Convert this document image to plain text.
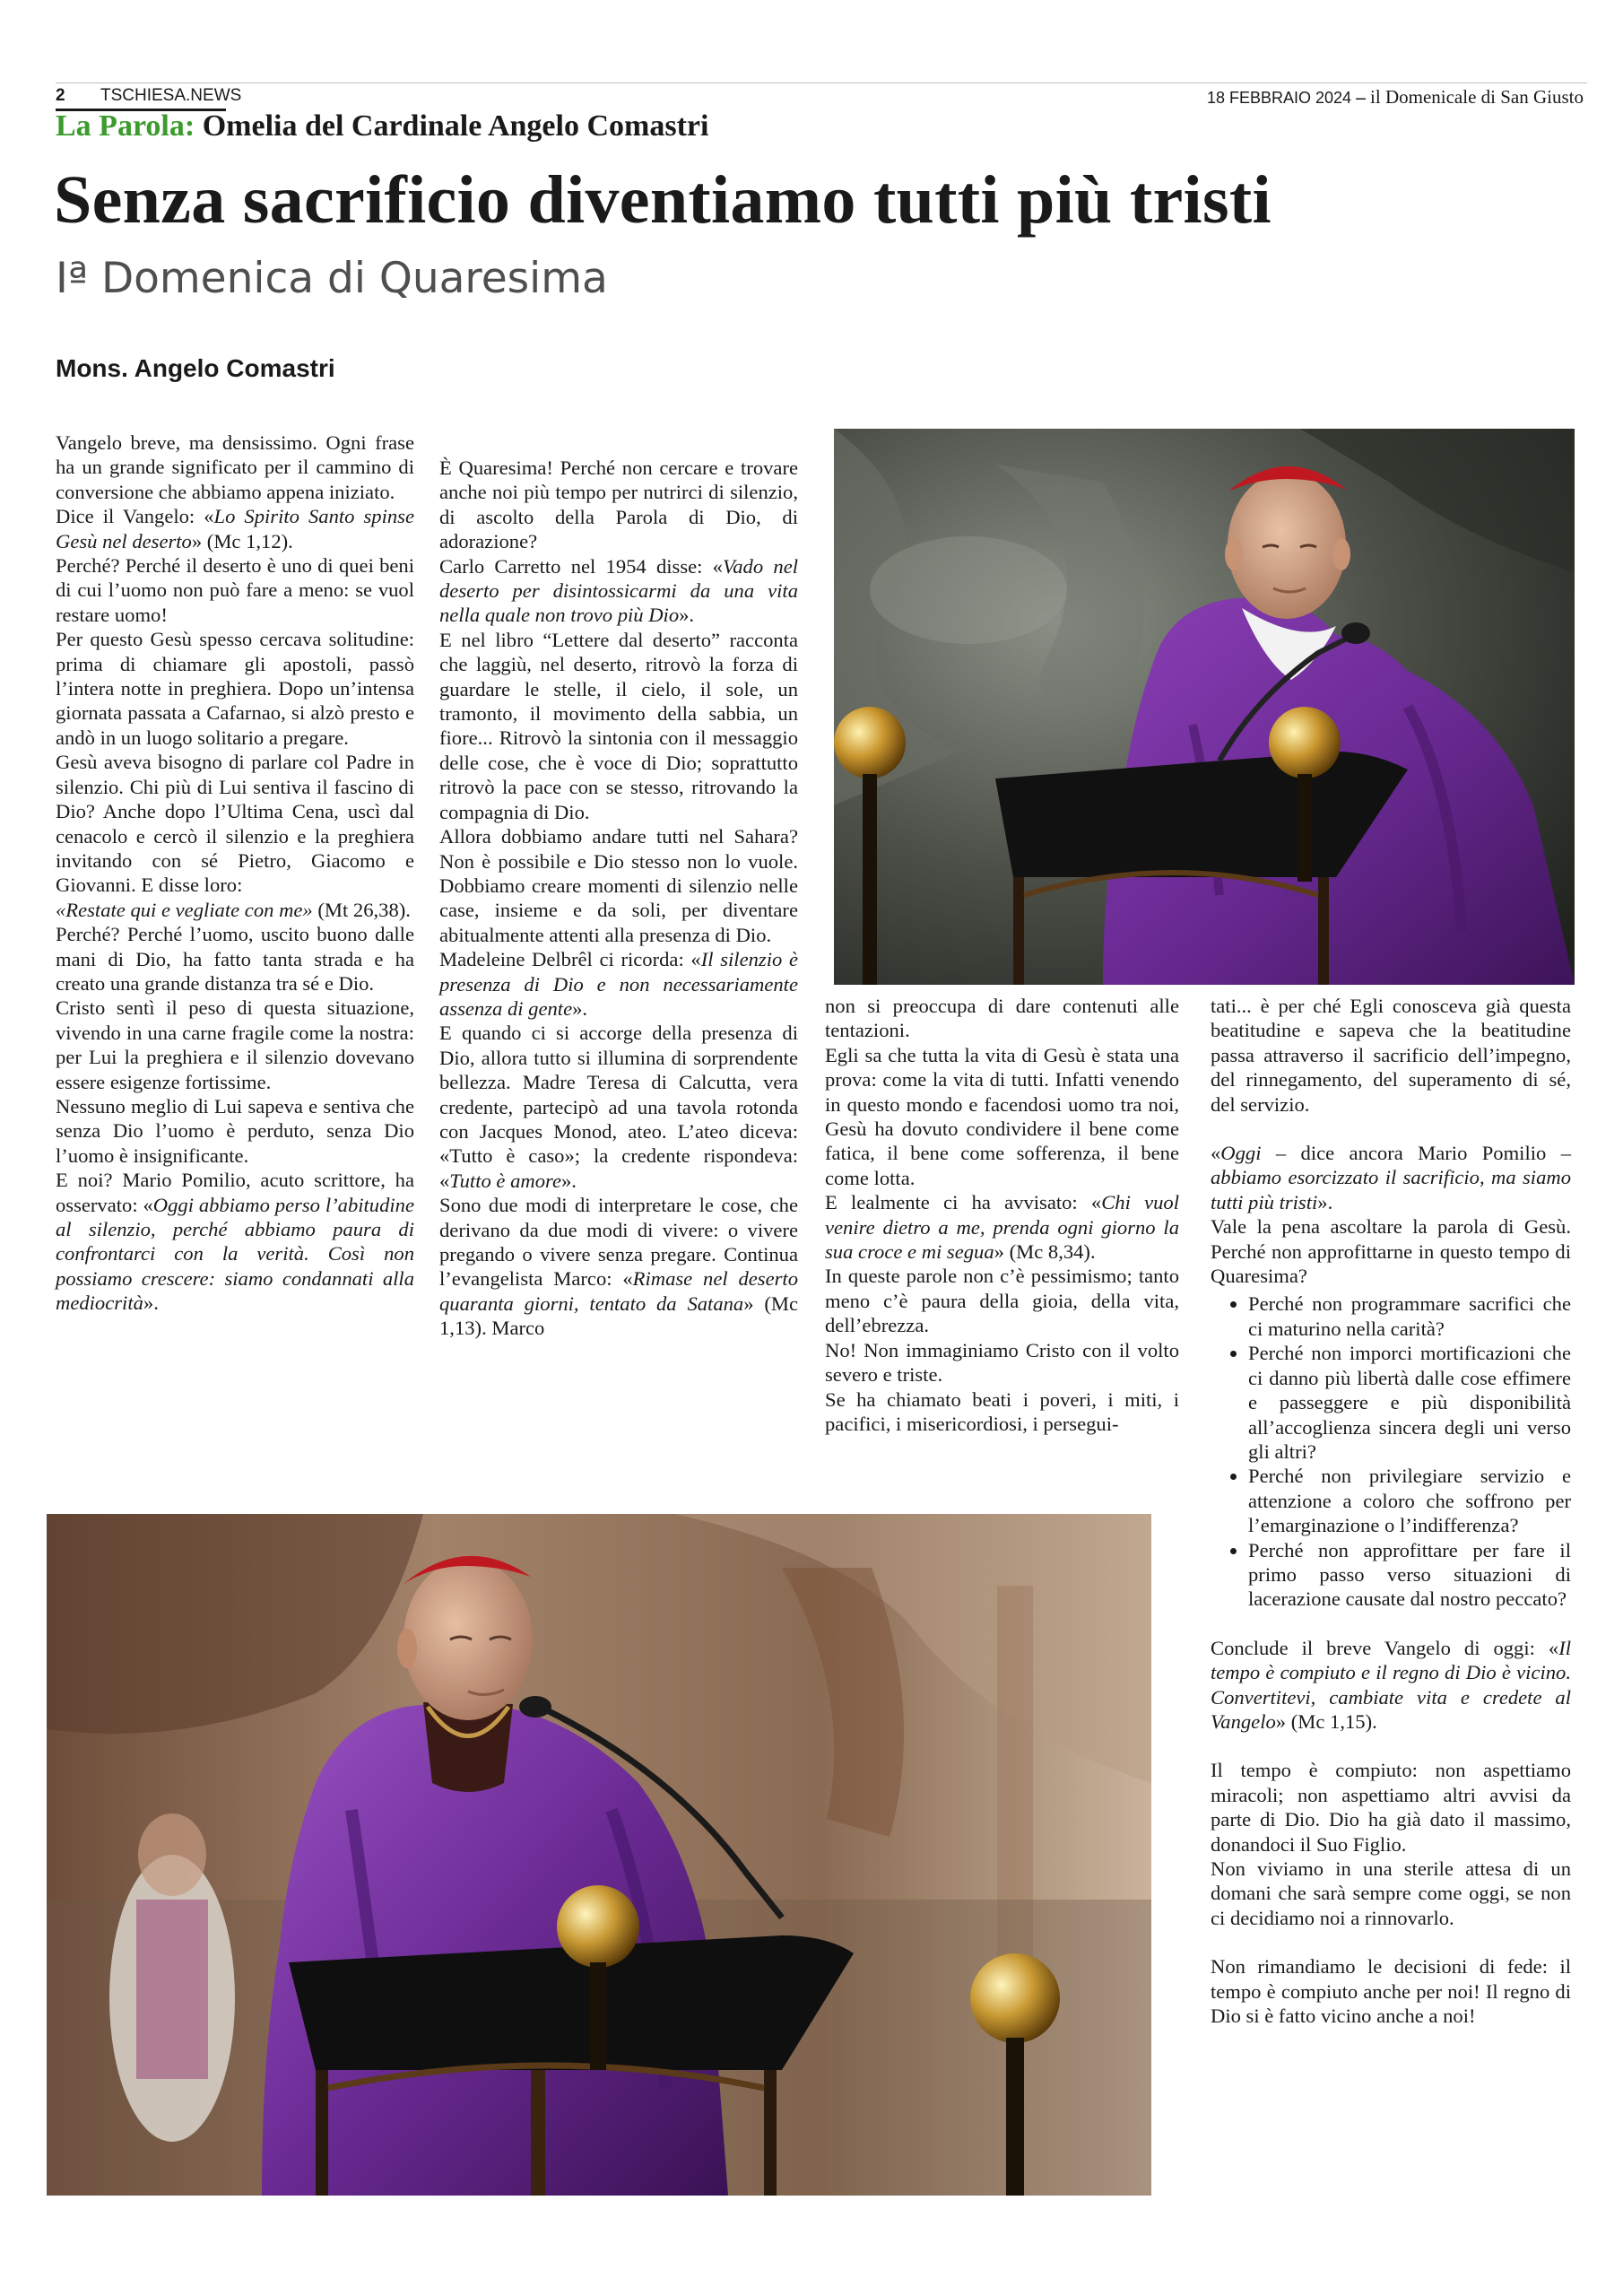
2 TSCHIESA.NEWS	18 FEBBRAIO 2024 – il Domenicale di San Giusto
La Parola: Omelia del Cardinale Angelo Comastri
Senza sacrificio diventiamo tutti più tristi
Iª Domenica di Quaresima
Mons. Angelo Comastri

Vangelo breve, ma densissimo. Ogni frase ha un grande significato per il cammino di conversione che abbiamo appena iniziato.

Dice il Vangelo: «Lo Spirito Santo spinse Gesù nel deserto» (Mc 1,12).

Perché? Perché il deserto è uno di quei beni di cui l’uomo non può fare a meno: se vuol restare uomo!

Per questo Gesù spesso cercava solitudine: prima di chiamare gli apostoli, passò l’intera notte in preghiera. Dopo un’intensa giornata passata a Cafarnao, si alzò presto e andò in un luogo solitario a pregare.

Gesù aveva bisogno di parlare col Padre in silenzio. Chi più di Lui sentiva il fascino di Dio? Anche dopo l’Ultima Cena, uscì dal cenacolo e cercò il silenzio e la preghiera invitando con sé Pietro, Giacomo e Giovanni. E disse loro:

«Restate qui e vegliate con me» (Mt 26,38).

Perché? Perché l’uomo, uscito buono dalle mani di Dio, ha fatto tanta strada e ha creato una grande distanza tra sé e Dio.

Cristo sentì il peso di questa situazione, vivendo in una carne fragile come la nostra: per Lui la preghiera e il silenzio dovevano essere esigenze fortissime.

Nessuno meglio di Lui sapeva e sentiva che senza Dio l’uomo è perduto, senza Dio l’uomo è insignificante.

E noi? Mario Pomilio, acuto scrittore, ha osservato: «Oggi abbiamo perso l’abitudine al silenzio, perché abbiamo paura di confrontarci con la verità. Così non possiamo crescere: siamo condannati alla mediocrità».

È Quaresima! Perché non cercare e trovare anche noi più tempo per nutrirci di silenzio, di ascolto della Parola di Dio, di adorazione?

Carlo Carretto nel 1954 disse: «Vado nel deserto per disintossicarmi da una vita nella quale non trovo più Dio».

E nel libro “Lettere dal deserto” racconta che laggiù, nel deserto, ritrovò la forza di guardare le stelle, il cielo, il sole, un tramonto, il movimento della sabbia, un fiore... Ritrovò la sintonia con il messaggio delle cose, che è voce di Dio; soprattutto ritrovò la pace con se stesso, ritrovando la compagnia di Dio.

Allora dobbiamo andare tutti nel Sahara? Non è possibile e Dio stesso non lo vuole. Dobbiamo creare momenti di silenzio nelle case, insieme e da soli, per diventare abitualmente attenti alla presenza di Dio.

Madeleine Delbrêl ci ricorda: «Il silenzio è presenza di Dio e non necessariamente assenza di gente».

E quando ci si accorge della presenza di Dio, allora tutto si illumina di sorprendente bellezza. Madre Teresa di Calcutta, vera credente, partecipò ad una tavola rotonda con Jacques Monod, ateo. L’ateo diceva: «Tutto è caso»; la credente rispondeva: «Tutto è amore».

Sono due modi di interpretare le cose, che derivano da due modi di vivere: o vivere pregando o vivere senza pregare. Continua l’evangelista Marco: «Rimase nel deserto quaranta giorni, tentato da Satana» (Mc 1,13). Marco

non si preoccupa di dare contenuti alle tentazioni.

Egli sa che tutta la vita di Gesù è stata una prova: come la vita di tutti. Infatti venendo in questo mondo e facendosi uomo tra noi, Gesù ha dovuto condividere il bene come fatica, il bene come sofferenza, il bene come lotta.

E lealmente ci ha avvisato: «Chi vuol venire dietro a me, prenda ogni giorno la sua croce e mi segua» (Mc 8,34).

In queste parole non c’è pessimismo; tanto meno c’è paura della gioia, della vita, dell’ebrezza.

No! Non immaginiamo Cristo con il volto severo e triste.

Se ha chiamato beati i poveri, i miti, i pacifici, i misericordiosi, i persegui-

tati... è per ché Egli conosceva già questa beatitudine e sapeva che la beatitudine passa attraverso il sacrificio dell’impegno, del rinnegamento, del superamento di sé, del servizio.

«Oggi – dice ancora Mario Pomilio – abbiamo esorcizzato il sacrificio, ma siamo tutti più tristi».

Vale la pena ascoltare la parola di Gesù. Perché non approfittarne in questo tempo di Quaresima?

• Perché non programmare sacrifici che ci maturino nella carità?
• Perché non imporci mortificazioni che ci danno più libertà dalle cose effimere e passeggere e più disponibilità all’accoglienza sincera degli uni verso gli altri?
• Perché non privilegiare servizio e attenzione a coloro che soffrono per l’emarginazione o l’indifferenza?
• Perché non approfittare per fare il primo passo verso situazioni di lacerazione causate dal nostro peccato?

Conclude il breve Vangelo di oggi: «Il tempo è compiuto e il regno di Dio è vicino. Convertitevi, cambiate vita e credete al Vangelo» (Mc 1,15).

Il tempo è compiuto: non aspettiamo miracoli; non aspettiamo altri avvisi da parte di Dio. Dio ha già dato il massimo, donandoci il Suo Figlio.

Non viviamo in una sterile attesa di un domani che sarà sempre come oggi, se non ci decidiamo noi a rinnovarlo.

Non rimandiamo le decisioni di fede: il tempo è compiuto anche per noi! Il regno di Dio si è fatto vicino anche a noi!
